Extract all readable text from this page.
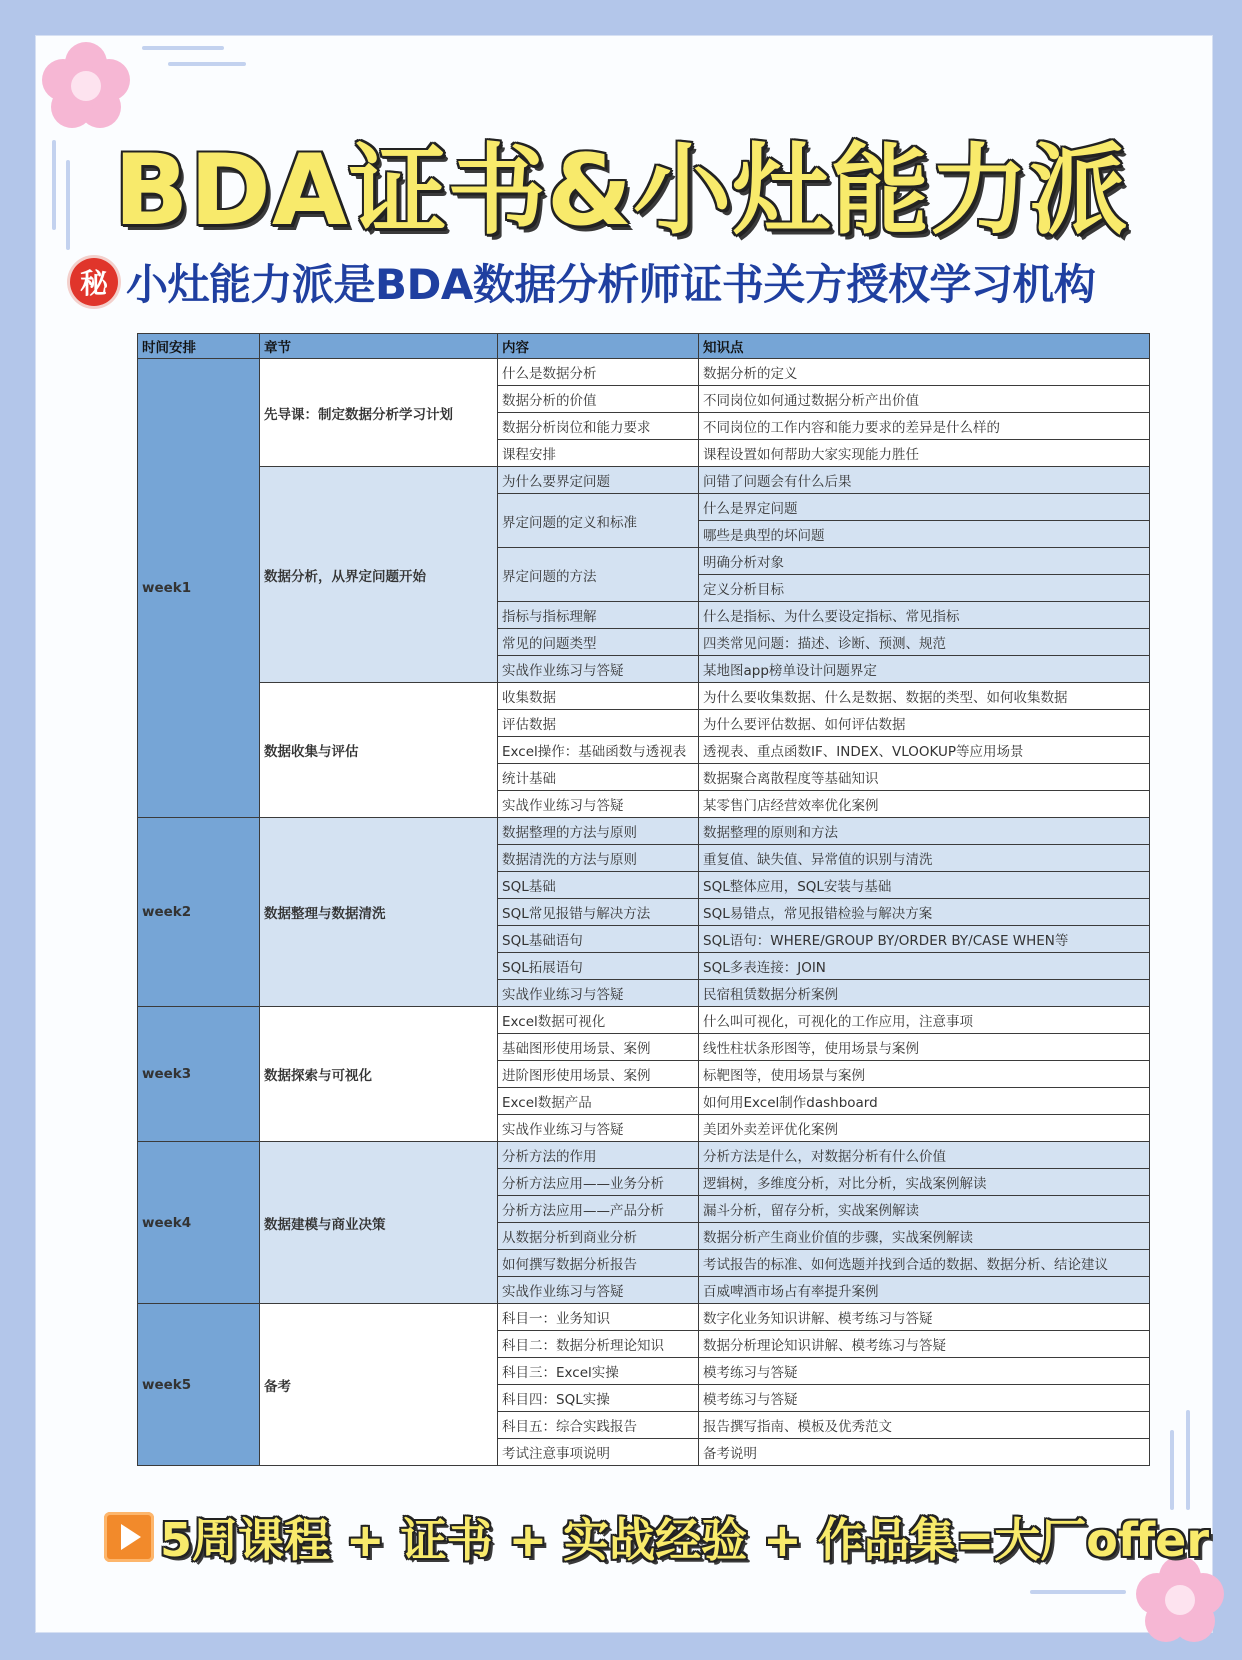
BDA证书&小灶能力派
秘 小灶能力派是BDA数据分析师证书关方授权学习机构
时间安排	章节	内容	知识点
week1	先导课：制定数据分析学习计划	什么是数据分析	数据分析的定义
		数据分析的价值	不同岗位如何通过数据分析产出价值
		数据分析岗位和能力要求	不同岗位的工作内容和能力要求的差异是什么样的
		课程安排	课程设置如何帮助大家实现能力胜任
	数据分析，从界定问题开始	为什么要界定问题	问错了问题会有什么后果
		界定问题的定义和标准	什么是界定问题
			哪些是典型的坏问题
		界定问题的方法	明确分析对象
			定义分析目标
		指标与指标理解	什么是指标、为什么要设定指标、常见指标
		常见的问题类型	四类常见问题：描述、诊断、预测、规范
		实战作业练习与答疑	某地图app榜单设计问题界定
	数据收集与评估	收集数据	为什么要收集数据、什么是数据、数据的类型、如何收集数据
		评估数据	为什么要评估数据、如何评估数据
		Excel操作：基础函数与透视表	透视表、重点函数IF、INDEX、VLOOKUP等应用场景
		统计基础	数据聚合离散程度等基础知识
		实战作业练习与答疑	某零售门店经营效率优化案例
week2	数据整理与数据清洗	数据整理的方法与原则	数据整理的原则和方法
		数据清洗的方法与原则	重复值、缺失值、异常值的识别与清洗
		SQL基础	SQL整体应用，SQL安装与基础
		SQL常见报错与解决方法	SQL易错点，常见报错检验与解决方案
		SQL基础语句	SQL语句：WHERE/GROUP BY/ORDER BY/CASE WHEN等
		SQL拓展语句	SQL多表连接：JOIN
		实战作业练习与答疑	民宿租赁数据分析案例
week3	数据探索与可视化	Excel数据可视化	什么叫可视化，可视化的工作应用，注意事项
		基础图形使用场景、案例	线性柱状条形图等，使用场景与案例
		进阶图形使用场景、案例	标靶图等，使用场景与案例
		Excel数据产品	如何用Excel制作dashboard
		实战作业练习与答疑	美团外卖差评优化案例
week4	数据建模与商业决策	分析方法的作用	分析方法是什么，对数据分析有什么价值
		分析方法应用——业务分析	逻辑树，多维度分析，对比分析，实战案例解读
		分析方法应用——产品分析	漏斗分析，留存分析，实战案例解读
		从数据分析到商业分析	数据分析产生商业价值的步骤，实战案例解读
		如何撰写数据分析报告	考试报告的标准、如何选题并找到合适的数据、数据分析、结论建议
		实战作业练习与答疑	百威啤酒市场占有率提升案例
week5	备考	科目一：业务知识	数字化业务知识讲解、模考练习与答疑
		科目二：数据分析理论知识	数据分析理论知识讲解、模考练习与答疑
		科目三：Excel实操	模考练习与答疑
		科目四：SQL实操	模考练习与答疑
		科目五：综合实践报告	报告撰写指南、模板及优秀范文
		考试注意事项说明	备考说明
5周课程 + 证书 + 实战经验 + 作品集=大厂offer
